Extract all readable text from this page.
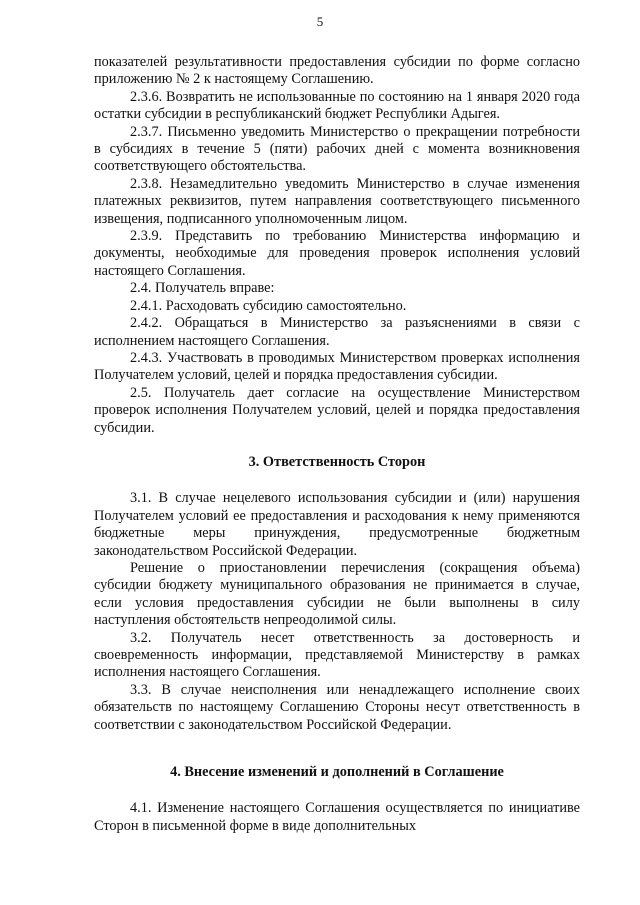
5

показателей результативности предоставления субсидии по форме согласно приложению № 2 к настоящему Соглашению.

2.3.6. Возвратить не использованные по состоянию на 1 января 2020 года остатки субсидии в республиканский бюджет Республики Адыгея.

2.3.7. Письменно уведомить Министерство о прекращении потребности в субсидиях в течение 5 (пяти) рабочих дней с момента возникновения соответствующего обстоятельства.

2.3.8. Незамедлительно уведомить Министерство в случае изменения платежных реквизитов, путем направления соответствующего письменного извещения, подписанного уполномоченным лицом.

2.3.9. Представить по требованию Министерства информацию и документы, необходимые для проведения проверок исполнения условий настоящего Соглашения.

2.4. Получатель вправе:

2.4.1. Расходовать субсидию самостоятельно.

2.4.2. Обращаться в Министерство за разъяснениями в связи с исполнением настоящего Соглашения.

2.4.3. Участвовать в проводимых Министерством проверках исполнения Получателем условий, целей и порядка предоставления субсидии.

2.5. Получатель дает согласие на осуществление Министерством проверок исполнения Получателем условий, целей и порядка предоставления субсидии.

3. Ответственность Сторон

3.1. В случае нецелевого использования субсидии и (или) нарушения Получателем условий ее предоставления и расходования к нему применяются бюджетные меры принуждения, предусмотренные бюджетным законодательством Российской Федерации.

Решение о приостановлении перечисления (сокращения объема) субсидии бюджету муниципального образования не принимается в случае, если условия предоставления субсидии не были выполнены в силу наступления обстоятельств непреодолимой силы.

3.2. Получатель несет ответственность за достоверность и своевременность информации, представляемой Министерству в рамках исполнения настоящего Соглашения.

3.3. В случае неисполнения или ненадлежащего исполнение своих обязательств по настоящему Соглашению Стороны несут ответственность в соответствии с законодательством Российской Федерации.

4. Внесение изменений и дополнений в Соглашение

4.1. Изменение настоящего Соглашения осуществляется по инициативе Сторон в письменной форме в виде дополнительных
